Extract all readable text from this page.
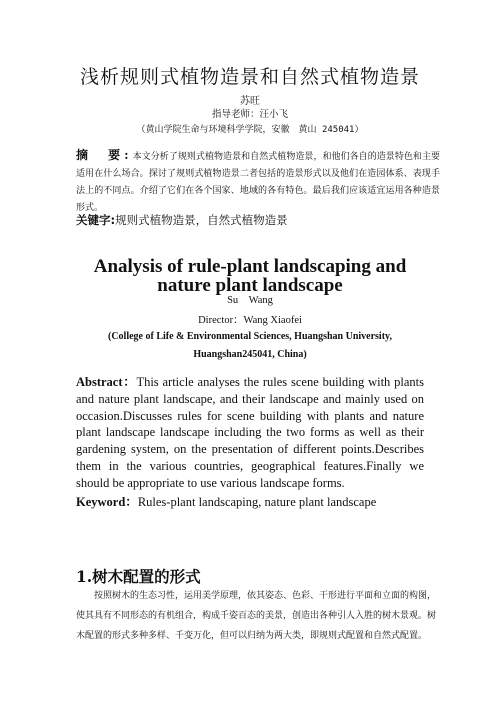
浅析规则式植物造景和自然式植物造景
苏旺
指导老师：汪小飞
（黄山学院生命与环境科学学院，安徽　黄山 245041）
摘　要:本文分析了规则式植物造景和自然式植物造景，和他们各自的造景特色和主要适用在什么场合。探讨了规则式植物造景二者包括的造景形式以及他们在造园体系、表现手法上的不同点。介绍了它们在各个国家、地域的各有特色。最后我们应该适宜运用各种造景形式。
关键字:规则式植物造景，自然式植物造景
Analysis of rule-plant landscaping and
nature plant landscape
Su　Wang
Director：Wang Xiaofei
(College of Life & Environmental Sciences, Huangshan University,
Huangshan245041, China)
Abstract：This article analyses the rules scene building with plants and nature plant landscape, and their landscape and mainly used on occasion.Discusses rules for scene building with plants and nature plant landscape landscape including the two forms as well as their gardening system, on the presentation of different points.Describes them in the various countries, geographical features.Finally we should be appropriate to use various landscape forms.
Keyword：Rules-plant landscaping, nature plant landscape
1.树木配置的形式
按照树木的生态习性，运用美学原理，依其姿态、色彩、干形进行平面和立面的构图，使其具有不同形态的有机组合，构成千姿百态的美景，创造出各种引人入胜的树木景观。树木配置的形式多种多样、千变万化，但可以归纳为两大类，即规则式配置和自然式配置。
